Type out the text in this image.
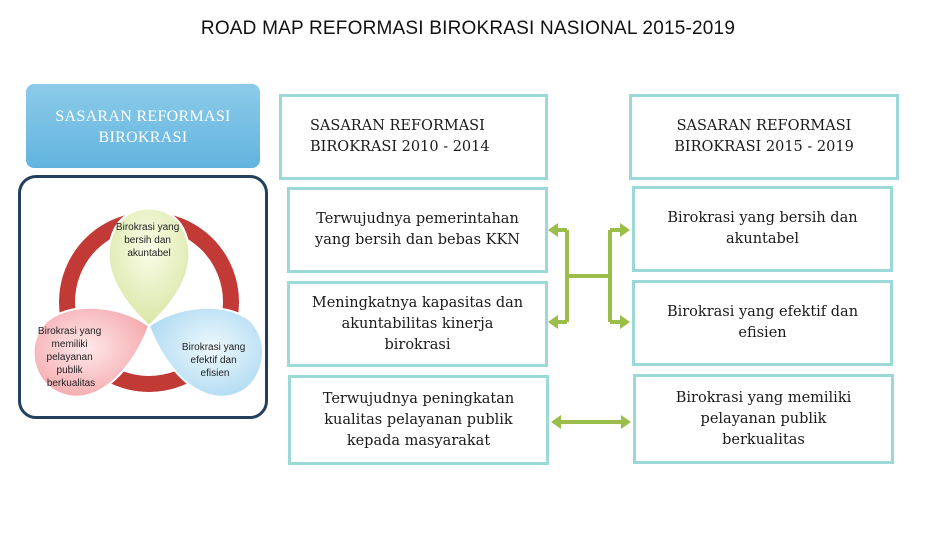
ROAD MAP REFORMASI BIROKRASI NASIONAL 2015-2019
SASARAN REFORMASI
BIROKRASI
Birokrasi yang bersih dan akuntabel
Birokrasi yang memiliki pelayanan publik berkualitas
Birokrasi yang efektif dan efisien
SASARAN REFORMASI
BIROKRASI 2010 - 2014
Terwujudnya pemerintahan
yang bersih dan bebas KKN
Meningkatnya kapasitas dan
akuntabilitas kinerja
birokrasi
Terwujudnya peningkatan
kualitas pelayanan publik
kepada masyarakat
SASARAN REFORMASI
BIROKRASI 2015 - 2019
Birokrasi yang bersih dan
akuntabel
Birokrasi yang efektif dan
efisien
Birokrasi yang memiliki
pelayanan publik
berkualitas
